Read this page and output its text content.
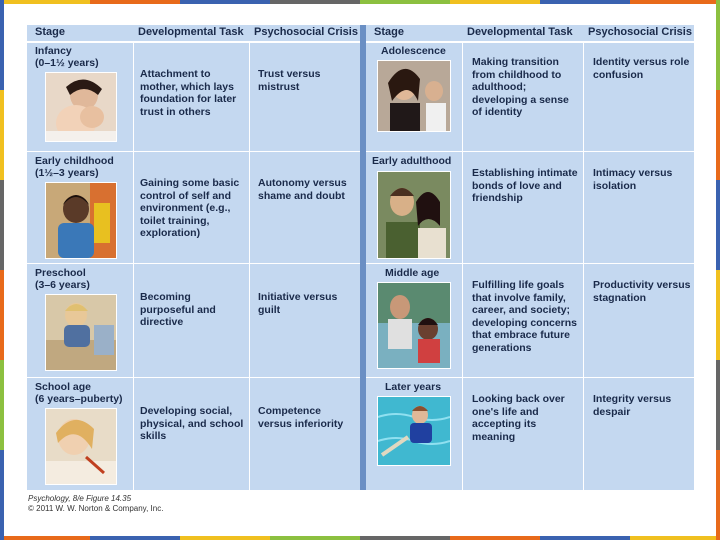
Stage	Developmental Task Psychosocial Crisis
Infancy
(0–1½ years)
Attachment to mother, which lays foundation for later trust in others
Trust versus mistrust
Early childhood
(1½–3 years)
Gaining some basic control of self and environment (e.g., toilet training, exploration)
Autonomy versus shame and doubt
Preschool
(3–6 years)
Becoming purposeful and directive
Initiative versus guilt
School age
(6 years–puberty)
Developing social, physical, and school skills
Competence versus inferiority
Stage	Developmental Task Psychosocial Crisis
Adolescence
Making transition from childhood to adulthood; developing a sense of identity
Identity versus role confusion
Early adulthood
Establishing intimate bonds of love and friendship
Intimacy versus isolation
Middle age
Fulfilling life goals that involve family, career, and society; developing concerns that embrace future generations
Productivity versus stagnation
Later years
Looking back over one's life and accepting its meaning
Integrity versus despair
Psychology, 8/e Figure 14.35
© 2011 W. W. Norton & Company, Inc.
